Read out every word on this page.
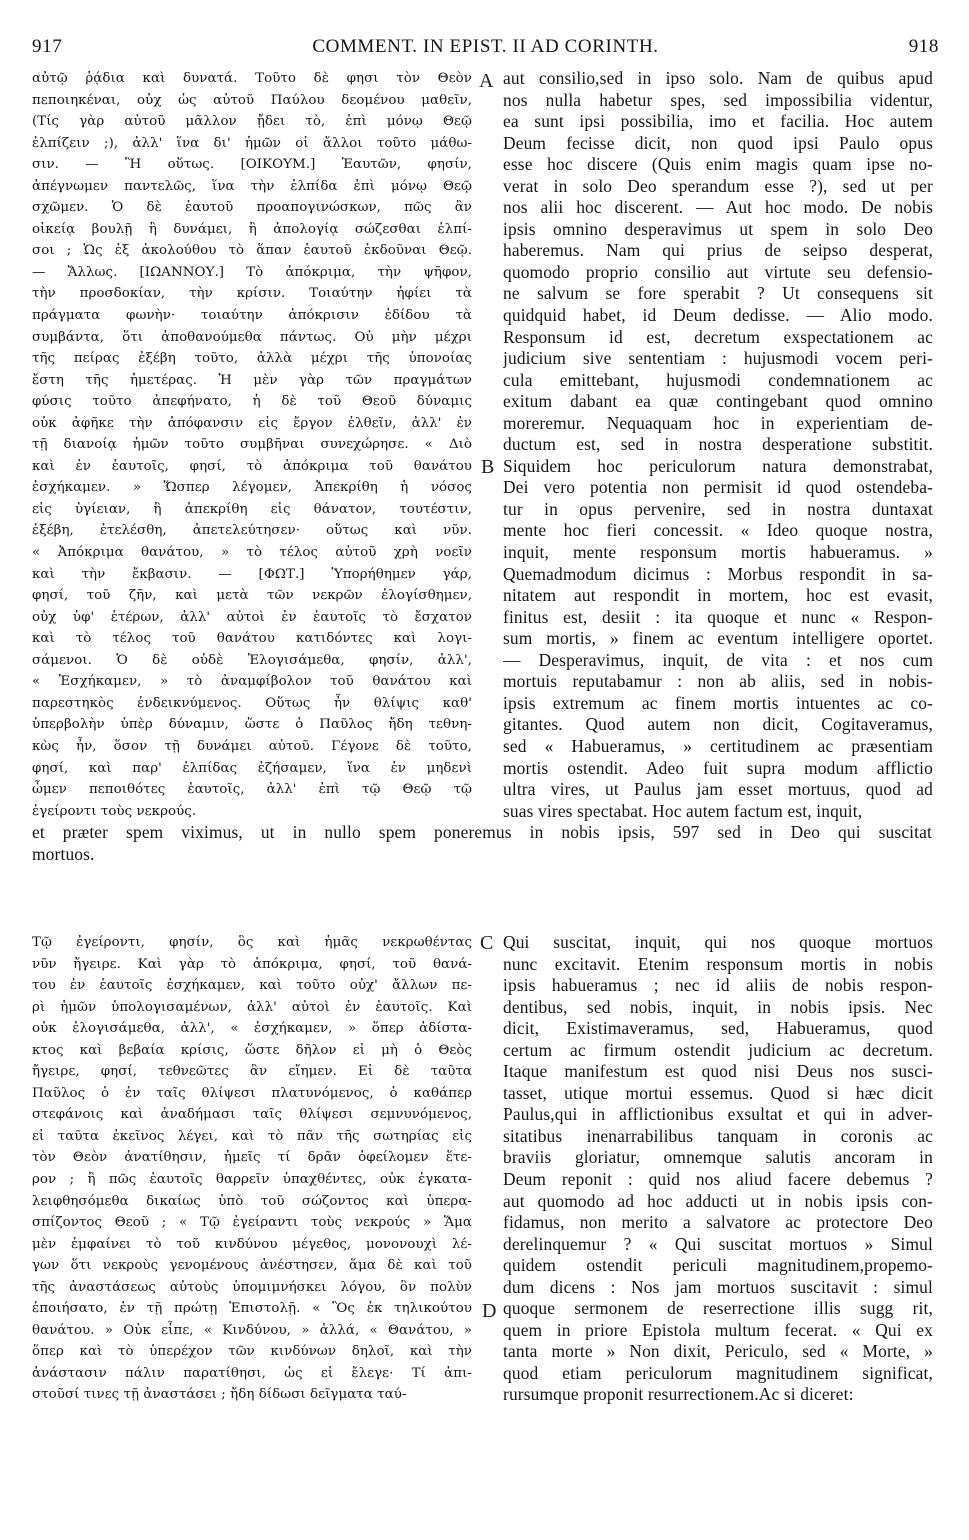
917	COMMENT. IN EPIST. II AD CORINTH.	918
A
B
C
D
αὐτῷ ῥᾴδια καὶ δυνατά. Τοῦτο δὲ φησι τὸν Θεὸν
πεποιηκέναι, οὐχ ὡς αὐτοῦ Παύλου δεομένου μαθεῖν,
(Τίς γὰρ αὐτοῦ μᾶλλον ᾔδει τὸ, ἐπὶ μόνῳ Θεῷ
ἐλπίζειν ;), ἀλλ' ἵνα δι' ἡμῶν οἱ ἄλλοι τοῦτο μάθω-
σιν. — Ἢ οὕτως. [ΟΙΚΟΥΜ.] Ἑαυτῶν, φησίν,
ἀπέγνωμεν παντελῶς, ἵνα τὴν ἐλπίδα ἐπὶ μόνῳ Θεῷ
σχῶμεν. Ὁ δὲ ἑαυτοῦ προαπογινώσκων, πῶς ἂν
οἰκείᾳ βουλῇ ἢ δυνάμει, ἢ ἀπολογίᾳ σώζεσθαι ἐλπί-
σοι ; Ὡς ἐξ ἀκολούθου τὸ ἅπαν ἑαυτοῦ ἐκδοῦναι Θεῷ.
— Ἄλλως. [ΙΩΑΝΝΟΥ.] Τὸ ἀπόκριμα, τὴν ψῆφον,
τὴν προσδοκίαν, τὴν κρίσιν. Τοιαύτην ἠφίει τὰ
πράγματα φωνὴν· τοιαύτην ἀπόκρισιν ἐδίδου τὰ
συμβάντα, ὅτι ἀποθανούμεθα πάντως. Οὐ μὴν μέχρι
τῆς πείρας ἐξέβη τοῦτο, ἀλλὰ μέχρι τῆς ὑπονοίας
ἔστη τῆς ἡμετέρας. Ἡ μὲν γὰρ τῶν πραγμάτων
φύσις τοῦτο ἀπεφήνατο, ἡ δὲ τοῦ Θεοῦ δύναμις
οὐκ ἀφῆκε τὴν ἀπόφανσιν εἰς ἔργον ἐλθεῖν, ἀλλ' ἐν
τῇ διανοίᾳ ἡμῶν τοῦτο συμβῆναι συνεχώρησε. « Διὸ
καὶ ἐν ἑαυτοῖς, φησί, τὸ ἀπόκριμα τοῦ θανάτου
ἐσχήκαμεν. » Ὥσπερ λέγομεν, Ἀπεκρίθη ἡ νόσος
εἰς ὑγίειαν, ἢ ἀπεκρίθη εἰς θάνατον, τουτέστιν,
ἐξέβη, ἐτελέσθη, ἀπετελεύτησεν· οὕτως καὶ νῦν.
« Ἀπόκριμα θανάτου, » τὸ τέλος αὐτοῦ χρὴ νοεῖν
καὶ τὴν ἔκβασιν. — [ΦΩΤ.] Ὑπορήθημεν γάρ,
φησί, τοῦ ζῆν, καὶ μετὰ τῶν νεκρῶν ἐλογίσθημεν,
οὐχ ὑφ' ἑτέρων, ἀλλ' αὐτοὶ ἐν ἑαυτοῖς τὸ ἔσχατον
καὶ τὸ τέλος τοῦ θανάτου κατιδόντες καὶ λογι-
σάμενοι. Ὁ δὲ οὐδὲ Ἐλογισάμεθα, φησίν, ἀλλ',
« Ἐσχήκαμεν, » τὸ ἀναμφίβολον τοῦ θανάτου καὶ
παρεστηκὸς ἐνδεικνύμενος. Οὕτως ἦν θλίψις καθ'
ὑπερβολὴν ὑπὲρ δύναμιν, ὥστε ὁ Παῦλος ἤδη τεθνη-
κὼς ἦν, ὅσον τῇ δυνάμει αὐτοῦ. Γέγονε δὲ τοῦτο,
φησί, καὶ παρ' ἐλπίδας ἐζήσαμεν, ἵνα ἐν μηδενὶ
ὦμεν πεποιθότες ἑαυτοῖς, ἀλλ' ἐπὶ τῷ Θεῷ τῷ
ἐγείροντι τοὺς νεκρούς.
aut consilio,sed in ipso solo. Nam de quibus apud
nos nulla habetur spes, sed impossibilia videntur,
ea sunt ipsi possibilia, imo et facilia. Hoc autem
Deum fecisse dicit, non quod ipsi Paulo opus
esse hoc discere (Quis enim magis quam ipse no-
verat in solo Deo sperandum esse ?), sed ut per
nos alii hoc discerent. — Aut hoc modo. De nobis
ipsis omnino desperavimus ut spem in solo Deo
haberemus. Nam qui prius de seipso desperat,
quomodo proprio consilio aut virtute seu defensio-
ne salvum se fore sperabit ? Ut consequens sit
quidquid habet, id Deum dedisse. — Alio modo.
Responsum id est, decretum exspectationem ac
judicium sive sententiam : hujusmodi vocem peri-
cula emittebant, hujusmodi condemnationem ac
exitum dabant ea quæ contingebant quod omnino
moreremur. Nequaquam hoc in experientiam de-
ductum est, sed in nostra desperatione substitit.
Siquidem hoc periculorum natura demonstrabat,
Dei vero potentia non permisit id quod ostendeba-
tur in opus pervenire, sed in nostra duntaxat
mente hoc fieri concessit. « Ideo quoque nostra,
inquit, mente responsum mortis habueramus. »
Quemadmodum dicimus : Morbus respondit in sa-
nitatem aut respondit in mortem, hoc est evasit,
finitus est, desiit : ita quoque et nunc « Respon-
sum mortis, » finem ac eventum intelligere oportet.
— Desperavimus, inquit, de vita : et nos cum
mortuis reputabamur : non ab aliis, sed in nobis-
ipsis extremum ac finem mortis intuentes ac co-
gitantes. Quod autem non dicit, Cogitaveramus,
sed « Habueramus, » certitudinem ac præsentiam
mortis ostendit. Adeo fuit supra modum afflictio
ultra vires, ut Paulus jam esset mortuus, quod ad
suas vires spectabat. Hoc autem factum est, inquit,
et præter spem viximus, ut in nullo spem poneremus in nobis ipsis, 597 sed in Deo qui suscitat
mortuos.
Τῷ ἐγείροντι, φησίν, ὃς καὶ ἡμᾶς νεκρωθέντας
νῦν ἤγειρε. Καὶ γὰρ τὸ ἀπόκριμα, φησί, τοῦ θανά-
του ἐν ἑαυτοῖς ἐσχήκαμεν, καὶ τοῦτο οὐχ' ἄλλων πε-
ρὶ ἡμῶν ὑπολογισαμένων, ἀλλ' αὐτοὶ ἐν ἑαυτοῖς. Καὶ
οὐκ ἐλογισάμεθα, ἀλλ', « ἐσχήκαμεν, » ὅπερ ἀδίστα-
κτος καὶ βεβαία κρίσις, ὥστε δῆλον εἰ μὴ ὁ Θεὸς
ἤγειρε, φησί, τεθνεῶτες ἂν εἴημεν. Εἰ δὲ ταῦτα
Παῦλος ὁ ἐν ταῖς θλίψεσι πλατυνόμενος, ὁ καθάπερ
στεφάνοις καὶ ἀναδήμασι ταῖς θλίψεσι σεμνυνόμενος,
εἰ ταῦτα ἐκεῖνος λέγει, καὶ τὸ πᾶν τῆς σωτηρίας εἰς
τὸν Θεὸν ἀνατίθησιν, ἡμεῖς τί δρᾶν ὀφείλομεν ἕτε-
ρον ; ἢ πῶς ἑαυτοῖς θαρρεῖν ὑπαχθέντες, οὐκ ἐγκατα-
λειφθησόμεθα δικαίως ὑπὸ τοῦ σώζοντος καὶ ὑπερα-
σπίζοντος Θεοῦ ; « Τῷ ἐγείραντι τοὺς νεκρούς » Ἅμα
μὲν ἐμφαίνει τὸ τοῦ κινδύνου μέγεθος, μονονουχὶ λέ-
γων ὅτι νεκροὺς γενομένους ἀνέστησεν, ἅμα δὲ καὶ τοῦ
τῆς ἀναστάσεως αὐτοὺς ὑπομιμνήσκει λόγου, ὃν πολὺν
ἐποιήσατο, ἐν τῇ πρώτῃ Ἐπιστολῇ. « Ὃς ἐκ τηλικούτου
θανάτου. » Οὐκ εἶπε, « Κινδύνου, » ἀλλά, « Θανάτου, »
ὅπερ καὶ τὸ ὑπερέχον τῶν κινδύνων δηλοῖ, καὶ τὴν
ἀνάστασιν πάλιν παρατίθησι, ὡς εἰ ἔλεγε· Τί ἀπι-
στοῦσί τινες τῇ ἀναστάσει ; ἤδη δίδωσι δεῖγματα ταύ-
Qui suscitat, inquit, qui nos quoque mortuos
nunc excitavit. Etenim responsum mortis in nobis
ipsis habueramus ; nec id aliis de nobis respon-
dentibus, sed nobis, inquit, in nobis ipsis. Nec
dicit, Existimaveramus, sed, Habueramus, quod
certum ac firmum ostendit judicium ac decretum.
Itaque manifestum est quod nisi Deus nos susci-
tasset, utique mortui essemus. Quod si hæc dicit
Paulus,qui in afflictionibus exsultat et qui in adver-
sitatibus inenarrabilibus tanquam in coronis ac
braviis gloriatur, omnemque salutis ancoram in
Deum reponit : quid nos aliud facere debemus ?
aut quomodo ad hoc adducti ut in nobis ipsis con-
fidamus, non merito a salvatore ac protectore Deo
derelinquemur ? « Qui suscitat mortuos » Simul
quidem ostendit periculi magnitudinem,propemo-
dum dicens : Nos jam mortuos suscitavit : simul
quoque sermonem de reserrectione illis sugg rit,
quem in priore Epistola multum fecerat. « Qui ex
tanta morte » Non dixit, Periculo, sed « Morte, »
quod etiam periculorum magnitudinem significat,
rursumque proponit resurrectionem.Ac si diceret:
